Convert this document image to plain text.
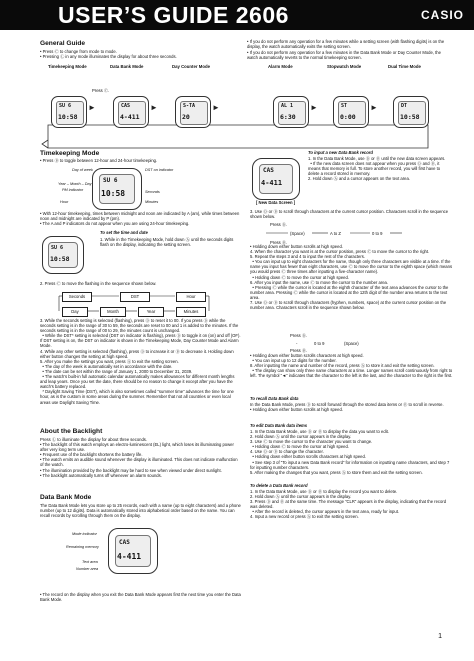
USER’S GUIDE 2606	CASIO
General Guide
• Press Ⓒ to change from mode to mode.
• Pressing Ⓛ in any mode illuminates the display for about three seconds.
• If you do not perform any operation for a few minutes while a setting screen (with flashing digits) is on the display, the watch automatically exits the setting screen.
• If you do not perform any operation for a few minutes in the Data Bank Mode or Day Counter Mode, the watch automatically reverts to the normal timekeeping screen.
Timekeeping Mode	Data Bank Mode	Day Counter Mode	Alarm Mode	Stopwatch Mode	Dual Time Mode
Press Ⓒ.
SU 6
10:58
CAS
4-411
S-TA
20
AL 1
6:30
ST
0:00
DT
10:58
►	►	►	►	►
Timekeeping Mode
• Press Ⓑ to toggle between 12-hour and 24-hour timekeeping.
SU 6
10:58
Day of week	DST on indicator
Year – Month – Day
PM indicator	Seconds
Hour	Minutes
• With 12-hour timekeeping, times between midnight and noon are indicated by A (am), while times between noon and midnight are indicated by P (pm).
• The A and P indicators do not appear when you are using 24-hour timekeeping.
To set the time and date
SU 6
10:58
1. While in the Timekeeping Mode, hold down Ⓐ until the seconds digits flash on the display, indicating the setting screen.
2. Press Ⓒ to move the flashing in the sequence shown below.
Seconds	DST	Hour
Day	Month	Year	Minutes
3. While the seconds setting is selected (flashing), press Ⓓ to reset it to 00. If you press Ⓓ while the seconds setting is in the range of 30 to 59, the seconds are reset to 00 and 1 is added to the minutes. If the seconds setting is in the range of 00 to 29, the minutes count is unchanged.
• While the DST* setting is selected (DST on indicator is flashing), press Ⓓ to toggle it on (on) and off (OF). If DST setting is on, the DST on indicator is shown in the Timekeeping Mode, Day Counter Mode and Alarm Mode.
4. While any other setting is selected (flashing), press Ⓓ to increase it or Ⓑ to decrease it. Holding down either button changes the setting at high speed.
5. After you make the settings you want, press Ⓐ to exit the setting screen.
• The day of the week is automatically set in accordance with the date.
• The date can be set within the range of January 1, 2000 to December 31, 2039.
• The watch’s built-in full automatic calendar automatically makes allowances for different month lengths and leap years. Once you set the date, there should be no reason to change it except after you have the watch’s battery replaced.
* Daylight Saving Time (DST), which is also sometimes called “summer time” advances the time for one hour, as is the custom in some areas during the summer. Remember that not all countries or even local areas use Daylight Saving Time.
About the Backlight
Press Ⓛ to illuminate the display for about three seconds.
• The backlight of this watch employs an electro-luminescent (EL) light, which loses its illuminating power after very long term use.
• Frequent use of the backlight shortens the battery life.
• The watch emits an audible sound whenever the display is illuminated. This does not indicate malfunction of the watch.
• The illumination provided by the backlight may be hard to see when viewed under direct sunlight.
• The backlight automatically turns off whenever an alarm sounds.
Data Bank Mode
The Data Bank Mode lets you store up to 25 records, each with a name (up to eight characters) and a phone number (up to 12 digits). Data is automatically stored into alphabetical order based on the name. You can recall records by scrolling through them on the display.
CAS
4-411
Mode indicator
Remaining memory
Text area
Number area
• The record on the display when you exit the Data Bank Mode appears first the next time you enter the Data Bank Mode.
To input a new Data Bank record
CAS
4-411
1. In the Data Bank Mode, use Ⓓ or Ⓑ until the new data screen appears.
• If the new data screen does not appear when you press Ⓓ and Ⓑ, it means that memory is full. To store another record, you will first have to delete a record stored in memory.
2. Hold down Ⓐ and a cursor appears on the text area.
[ New Data Screen ]
3. Use Ⓓ or Ⓑ to scroll through characters at the current cursor position. Characters scroll in the sequence shown below.
Press Ⓓ.
Press Ⓑ.
(Space)	A to Z	0 to 9
• Holding down either button scrolls at high speed.
4. When the character you want is at the cursor position, press Ⓒ to move the cursor to the right.
5. Repeat the steps 3 and 4 to input the rest of the characters.
• You can input up to eight characters for the name, though only three characters are visible at a time. If the name you input has fewer than eight characters, use Ⓒ to move the cursor to the eighth space (which means you would press Ⓒ three times after inputting a five-character name).
• Holding down Ⓒ to move the cursor at high speed.
6. After you input the name, use Ⓒ to move the cursor to the number area.
• Pressing Ⓒ while the cursor is located at the eighth character of the text area advances the cursor to the number area. Pressing Ⓒ while the cursor is located at the 12th digit of the number area returns to the text area.
7. Use Ⓓ or Ⓑ to scroll through characters (hyphen, numbers, space) at the current cursor position on the number area. Characters scroll in the sequence shown below.
Press Ⓓ.
Press Ⓑ.
-	0 to 9	(Space)
• Holding down either button scrolls characters at high speed.
• You can input up to 12 digits for the number.
8. After inputting the name and number of the record, press Ⓐ to store it and exit the setting screen.
• The display can show only three name characters at a time. Longer names scroll continuously from right to left. The symbol “◄” indicates that the character to the left is the last, and the character to the right is the first.
To recall Data Bank data
In the Data Bank Mode, press Ⓓ to scroll forward through the stored data items or Ⓑ to scroll in reverse.
• Holding down either button scrolls at high speed.
To edit Data Bank data items
1. In the Data Bank Mode, use Ⓓ or Ⓑ to display the data you want to edit.
2. Hold down Ⓐ until the cursor appears in the display.
3. Use Ⓒ to move the cursor to the character you want to change.
• Holding down Ⓒ to move the cursor at high speed.
4. Use Ⓓ or Ⓑ to change the character.
• Holding down either button scrolls characters at high speed.
• See step 3 of “To input a new Data Bank record” for information on inputting name characters, and step 7 for inputting number characters.
5. After making the changes that you want, press Ⓐ to store them and exit the setting screen.
To delete a Data Bank record
1. In the Data Bank Mode, use Ⓓ or Ⓑ to display the record you want to delete.
2. Hold down Ⓐ until the cursor appears in the display.
3. Press Ⓓ and Ⓑ at the same time. The message “CLR” appears in the display, indicating that the record was deleted.
• After the record is deleted, the cursor appears in the text area, ready for input.
4. Input a new record or press Ⓐ to exit the setting screen.
1
